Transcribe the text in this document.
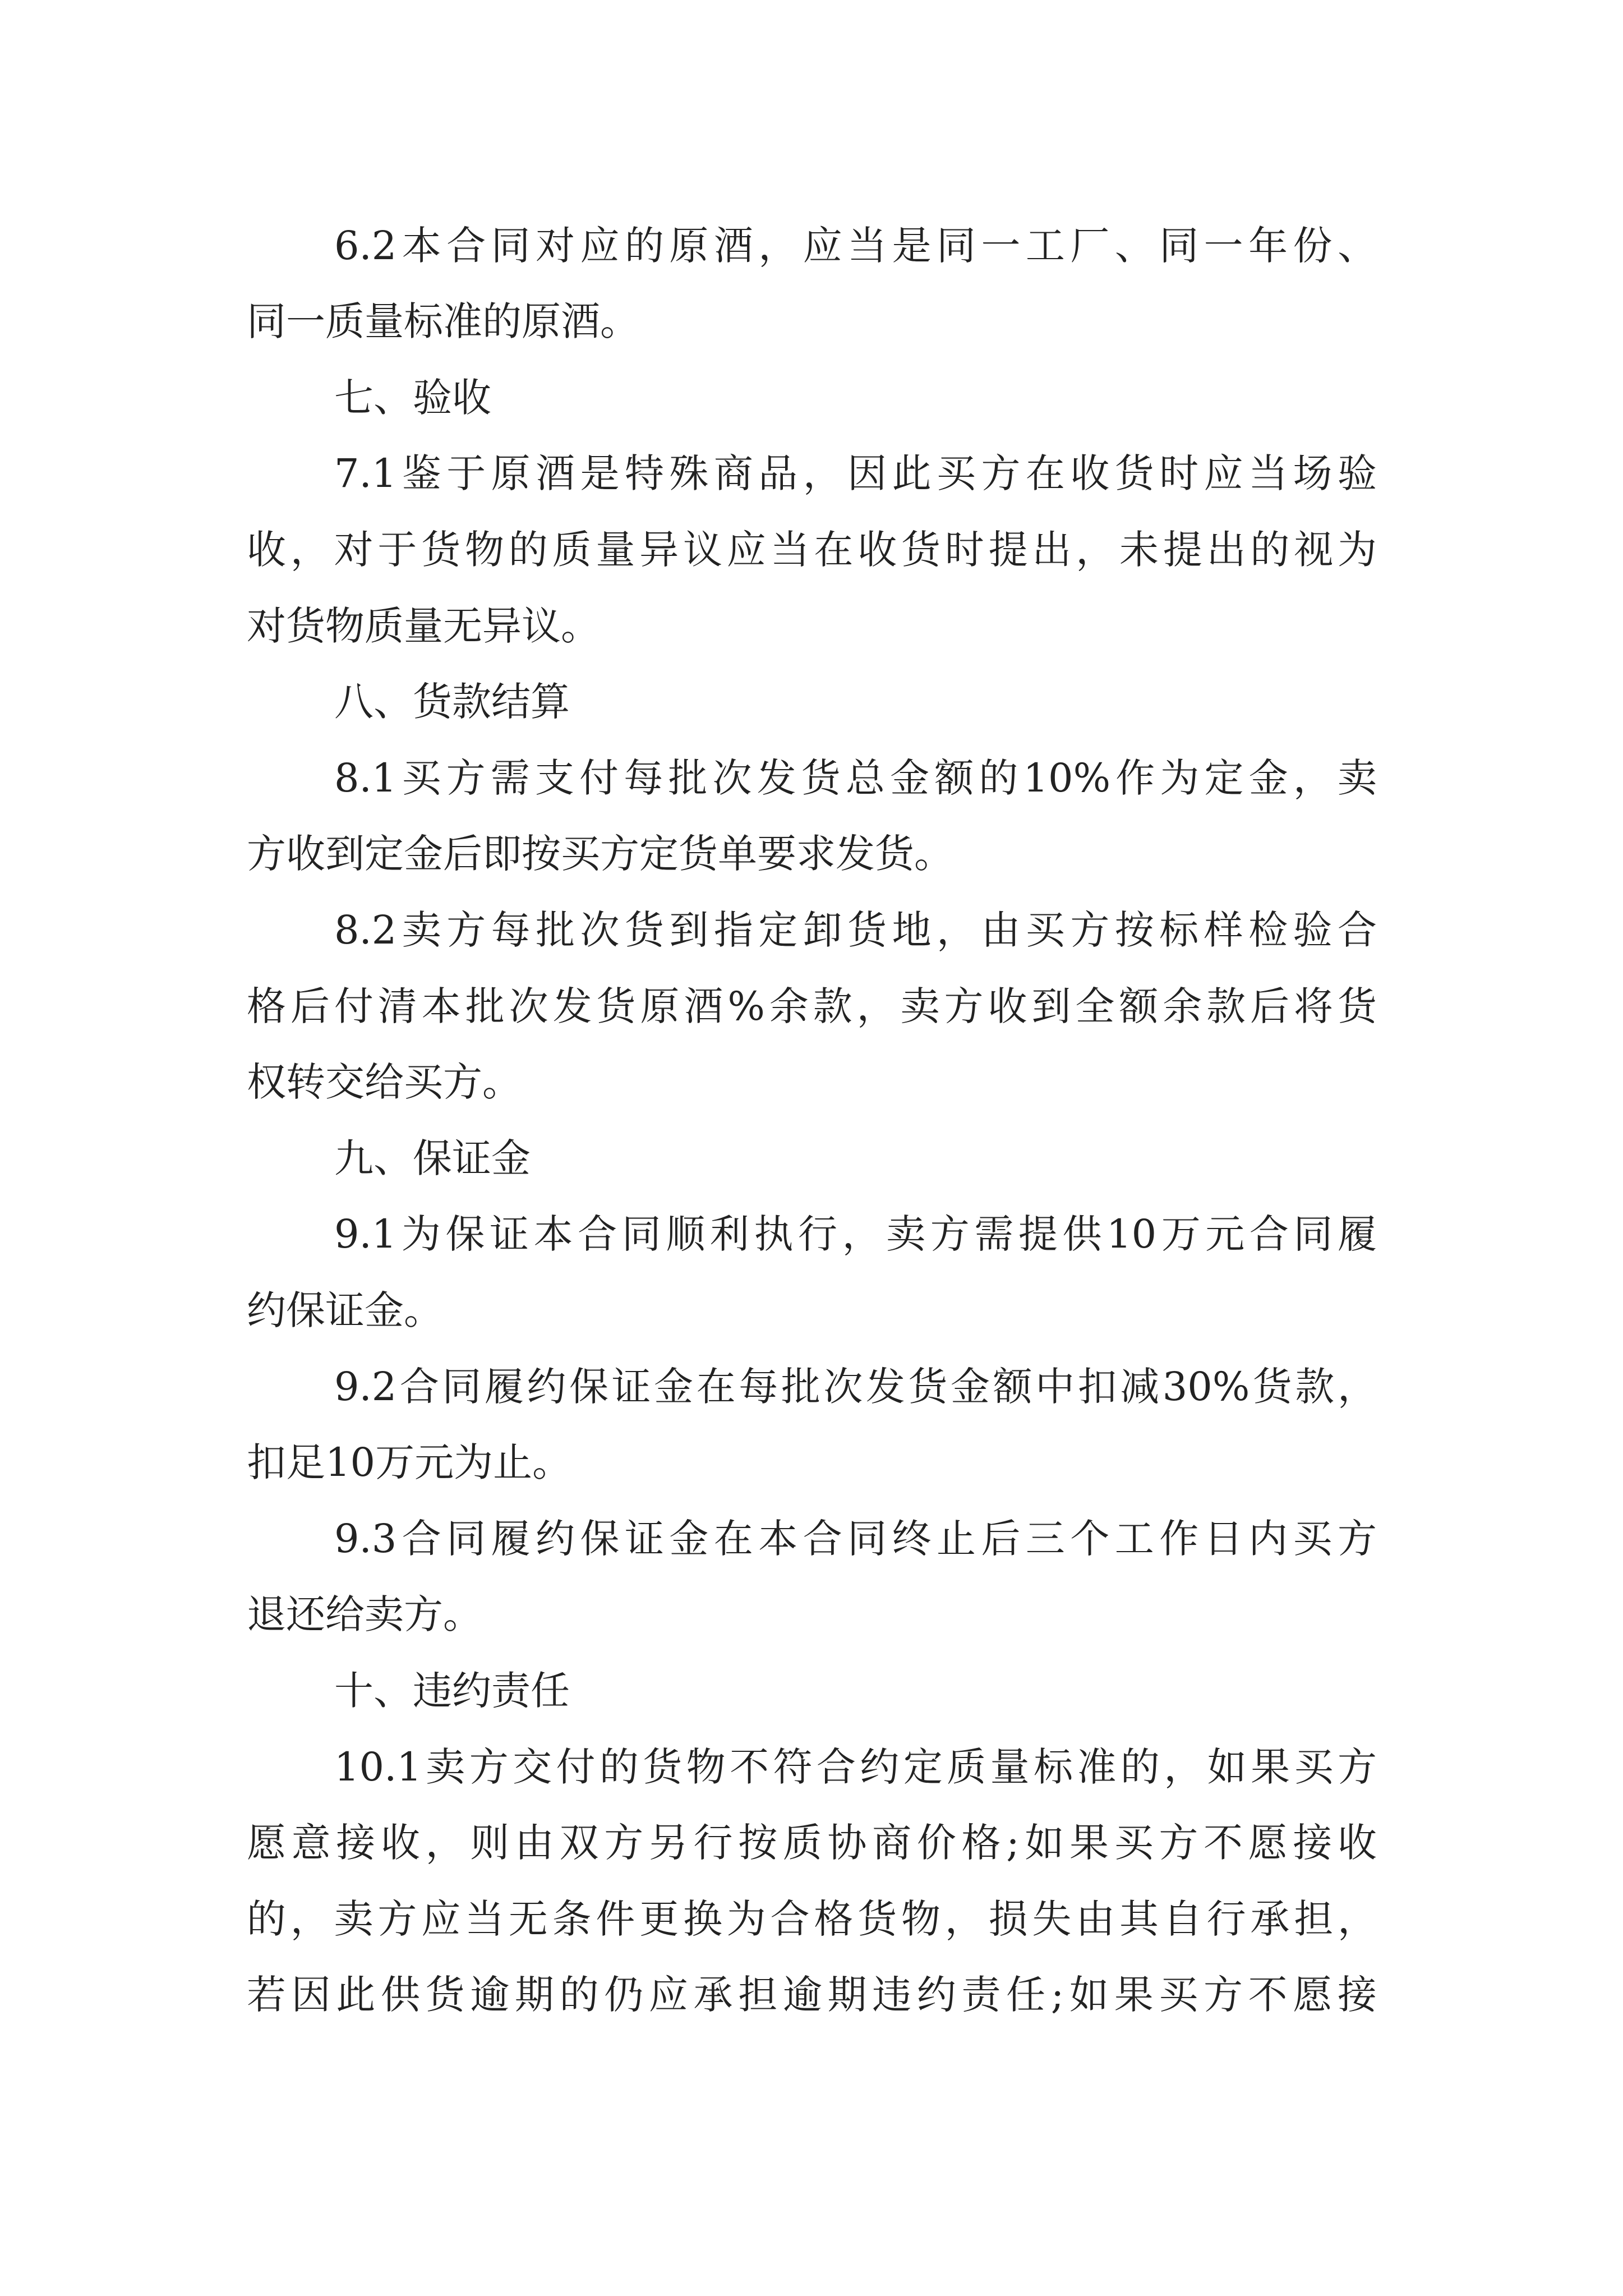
6.2本合同对应的原酒，应当是同一工厂、同一年份、
同一质量标准的原酒。
七、验收
7.1鉴于原酒是特殊商品，因此买方在收货时应当场验
收，对于货物的质量异议应当在收货时提出，未提出的视为
对货物质量无异议。
八、货款结算
8.1买方需支付每批次发货总金额的10%作为定金，卖
方收到定金后即按买方定货单要求发货。
8.2卖方每批次货到指定卸货地，由买方按标样检验合
格后付清本批次发货原酒%余款，卖方收到全额余款后将货
权转交给买方。
九、保证金
9.1为保证本合同顺利执行，卖方需提供10万元合同履
约保证金。
9.2合同履约保证金在每批次发货金额中扣减30%货款，
扣足10万元为止。
9.3合同履约保证金在本合同终止后三个工作日内买方
退还给卖方。
十、违约责任
10.1卖方交付的货物不符合约定质量标准的，如果买方
愿意接收，则由双方另行按质协商价格;如果买方不愿接收
的，卖方应当无条件更换为合格货物，损失由其自行承担，
若因此供货逾期的仍应承担逾期违约责任;如果买方不愿接
